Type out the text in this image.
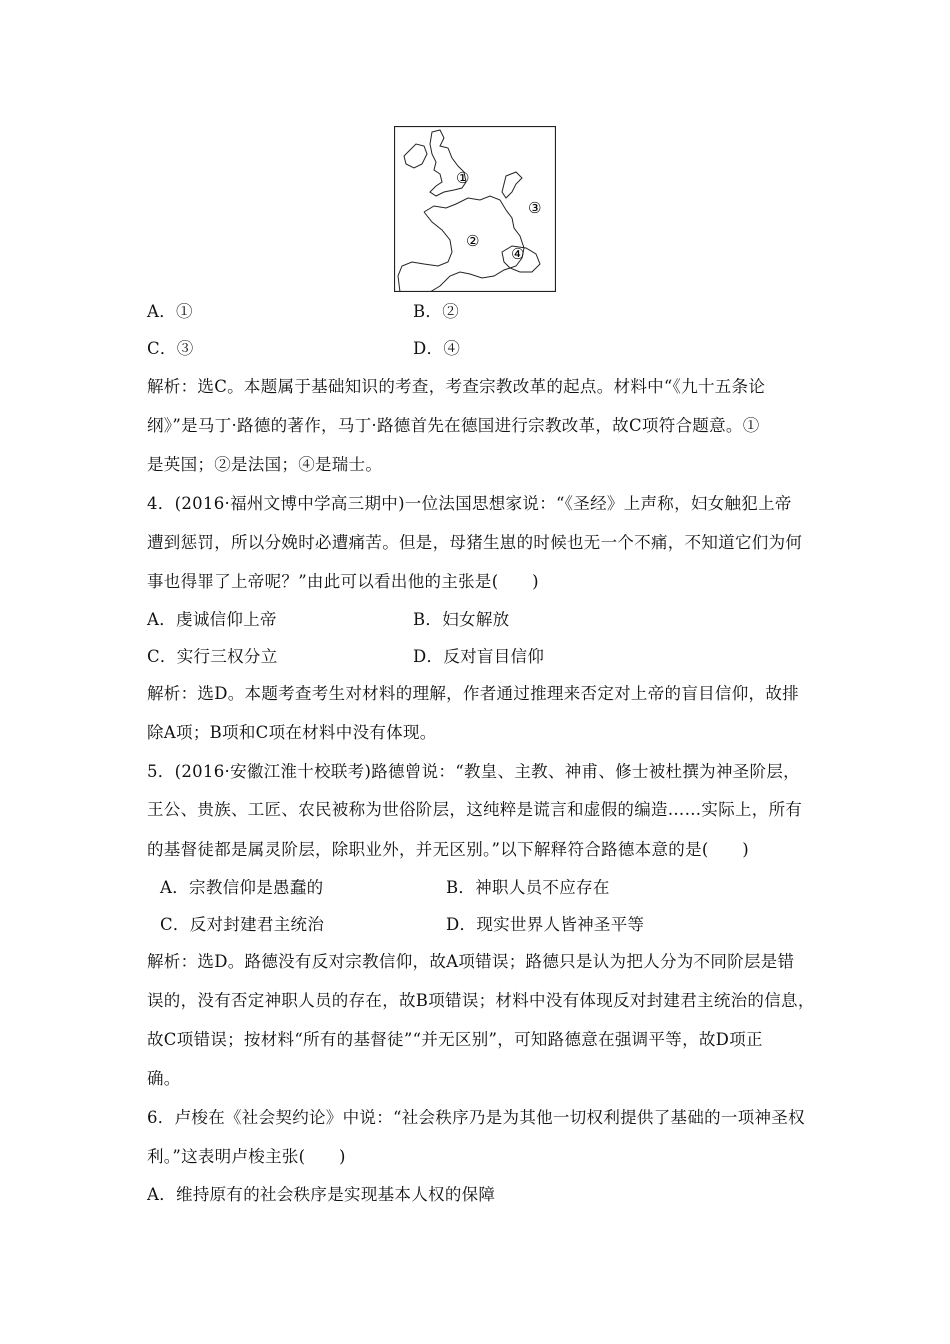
①
③
②
④
A．①	B．②
C．③	D．④
解析：选C。本题属于基础知识的考查，考查宗教改革的起点。材料中“《九十五条论
纲》”是马丁·路德的著作，马丁·路德首先在德国进行宗教改革，故C项符合题意。①
是英国；②是法国；④是瑞士。
4．(2016·福州文博中学高三期中)一位法国思想家说：“《圣经》上声称，妇女触犯上帝
遭到惩罚，所以分娩时必遭痛苦。但是，母猪生崽的时候也无一个不痛，不知道它们为何
事也得罪了上帝呢？”由此可以看出他的主张是(　　)
A．虔诚信仰上帝	B．妇女解放
C．实行三权分立	D．反对盲目信仰
解析：选D。本题考查考生对材料的理解，作者通过推理来否定对上帝的盲目信仰，故排
除A项；B项和C项在材料中没有体现。
5．(2016·安徽江淮十校联考)路德曾说：“教皇、主教、神甫、修士被杜撰为神圣阶层，
王公、贵族、工匠、农民被称为世俗阶层，这纯粹是谎言和虚假的编造……实际上，所有
的基督徒都是属灵阶层，除职业外，并无区别。”以下解释符合路德本意的是(　　)
A．宗教信仰是愚蠢的	B．神职人员不应存在
C．反对封建君主统治	D．现实世界人皆神圣平等
解析：选D。路德没有反对宗教信仰，故A项错误；路德只是认为把人分为不同阶层是错
误的，没有否定神职人员的存在，故B项错误；材料中没有体现反对封建君主统治的信息，
故C项错误；按材料“所有的基督徒”“并无区别”，可知路德意在强调平等，故D项正
确。
6．卢梭在《社会契约论》中说：“社会秩序乃是为其他一切权利提供了基础的一项神圣权
利。”这表明卢梭主张(　　)
A．维持原有的社会秩序是实现基本人权的保障
